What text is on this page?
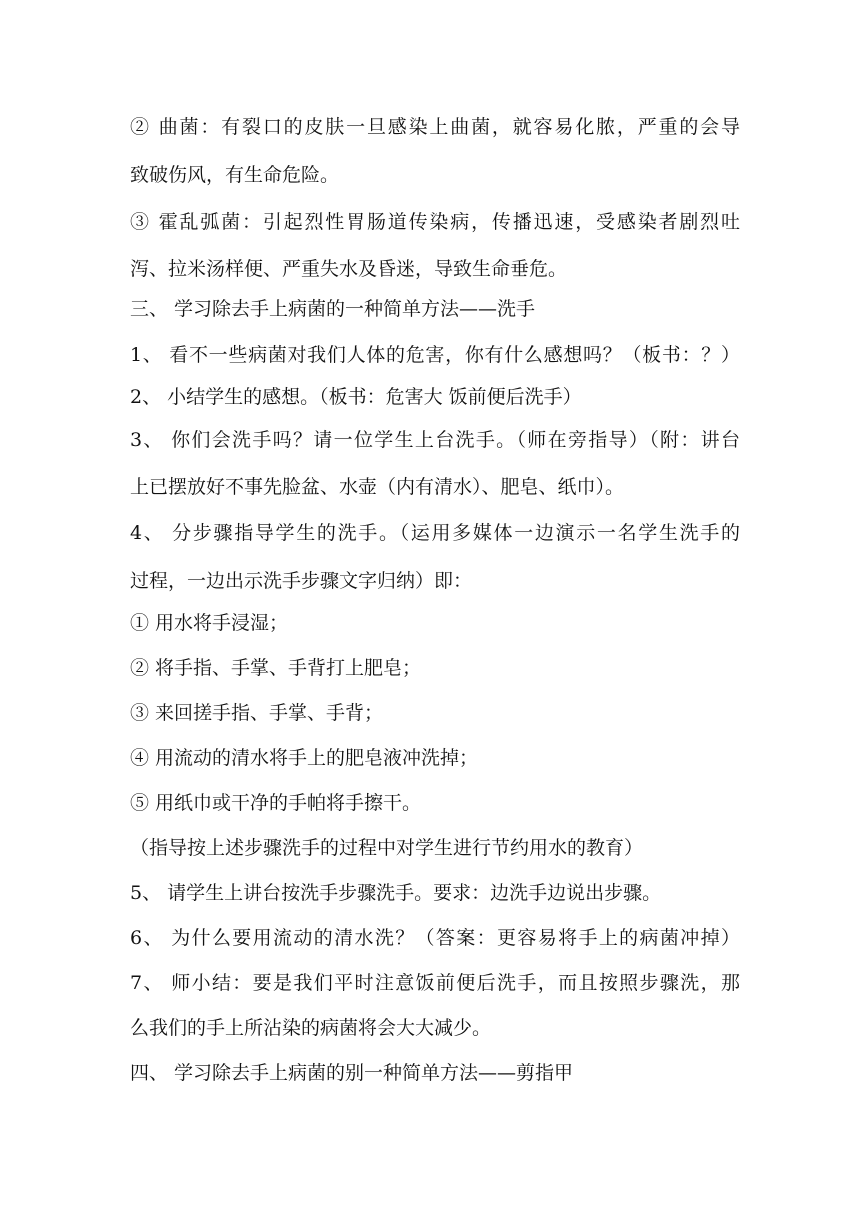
② 曲菌：有裂口的皮肤一旦感染上曲菌，就容易化脓，严重的会导
致破伤风，有生命危险。
③ 霍乱弧菌：引起烈性胃肠道传染病，传播迅速，受感染者剧烈吐
泻、拉米汤样便、严重失水及昏迷，导致生命垂危。
三、 学习除去手上病菌的一种简单方法——洗手
1、 看不一些病菌对我们人体的危害，你有什么感想吗？（板书：？）
2、 小结学生的感想。（板书：危害大 饭前便后洗手）
3、 你们会洗手吗？请一位学生上台洗手。（师在旁指导）（附：讲台
上已摆放好不事先脸盆、水壶（内有清水）、肥皂、纸巾）。
4、 分步骤指导学生的洗手。（运用多媒体一边演示一名学生洗手的
过程，一边出示洗手步骤文字归纳）即：
① 用水将手浸湿；
② 将手指、手掌、手背打上肥皂；
③ 来回搓手指、手掌、手背；
④ 用流动的清水将手上的肥皂液冲洗掉；
⑤ 用纸巾或干净的手帕将手擦干。
（指导按上述步骤洗手的过程中对学生进行节约用水的教育）
5、 请学生上讲台按洗手步骤洗手。要求：边洗手边说出步骤。
6、 为什么要用流动的清水洗？（答案：更容易将手上的病菌冲掉）
7、 师小结：要是我们平时注意饭前便后洗手，而且按照步骤洗，那
么我们的手上所沾染的病菌将会大大减少。
四、 学习除去手上病菌的别一种简单方法——剪指甲
